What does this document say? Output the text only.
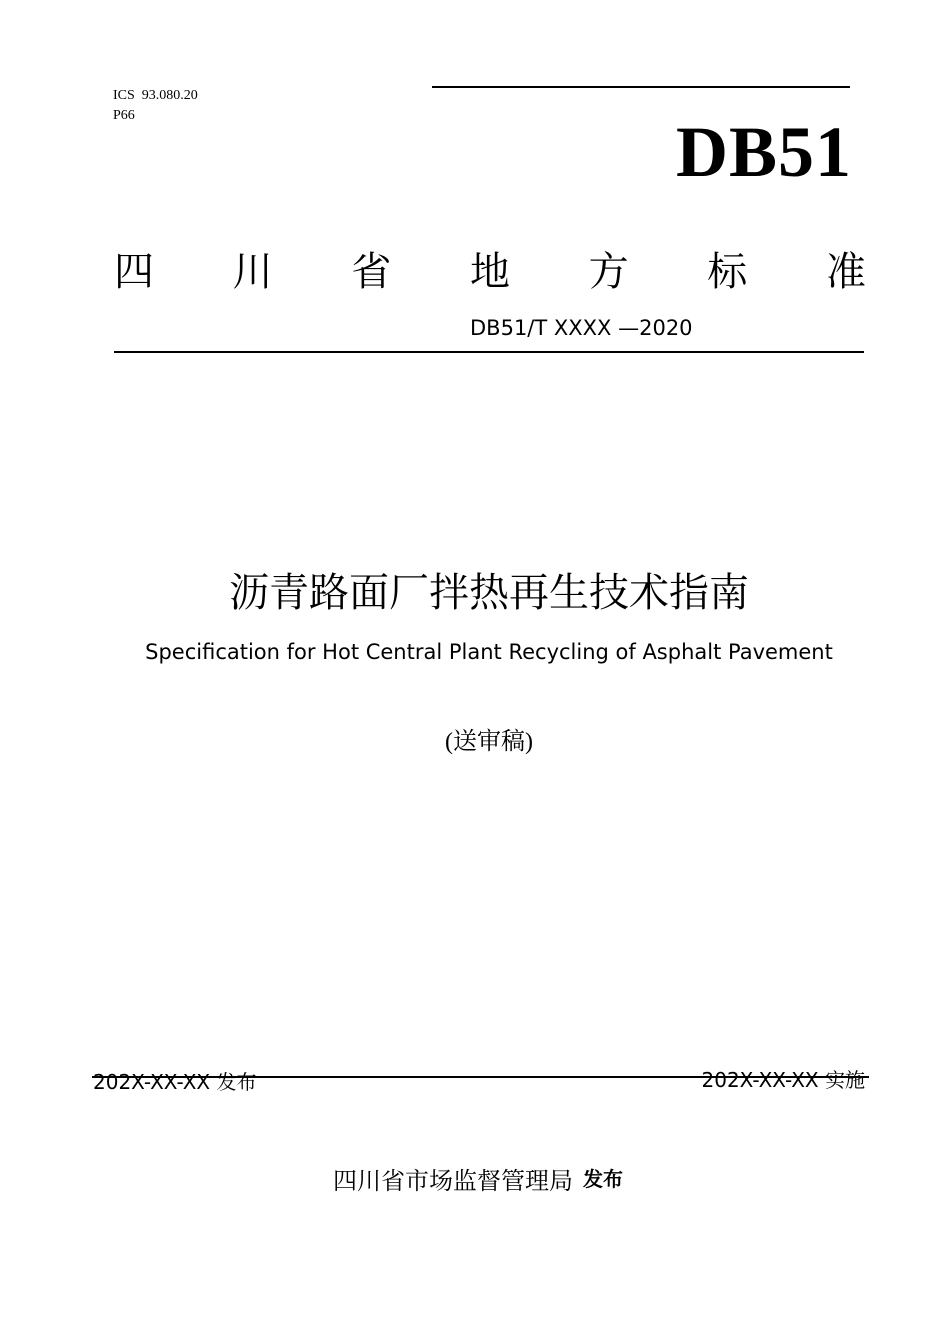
ICS  93.080.20
P66	DB51
四 川 省 地 方 标 准
DB51/T XXXX —2020
沥青路面厂拌热再生技术指南
Specification for Hot Central Plant Recycling of Asphalt Pavement
(送审稿)
202X-XX-XX 发布	202X-XX-XX 实施
四川省市场监督管理局 发布
